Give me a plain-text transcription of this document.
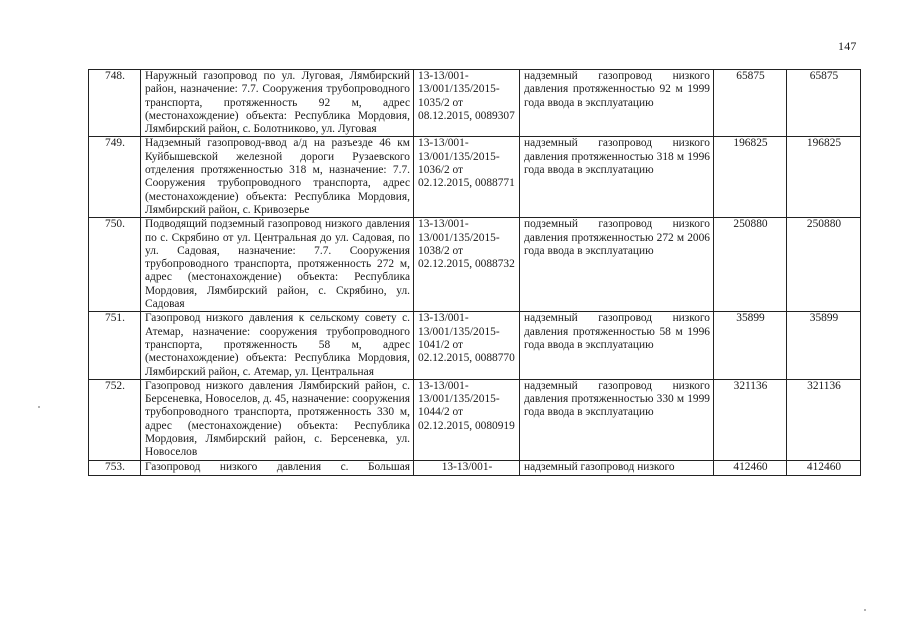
147
748.	Наружный газопровод по ул. Луговая, Лямбирский район, назначение: 7.7. Сооружения трубопроводного транспорта, протяженность 92 м, адрес (местонахождение) объекта: Республика Мордовия, Лямбирский район, с. Болотниково, ул. Луговая	13-13/001-13/001/135/2015-1035/2 от 08.12.2015, 0089307	надземный газопровод низкого давления протяженностью 92 м 1999 года ввода в эксплуатацию	65875	65875
749.	Надземный газопровод-ввод а/д на разъезде 46 км Куйбышевской железной дороги Рузаевского отделения протяженностью 318 м, назначение: 7.7. Сооружения трубопроводного транспорта, адрес (местонахождение) объекта: Республика Мордовия, Лямбирский район, с. Кривозерье	13-13/001-13/001/135/2015-1036/2 от 02.12.2015, 0088771	надземный газопровод низкого давления протяженностью 318 м 1996 года ввода в эксплуатацию	196825	196825
750.	Подводящий подземный газопровод низкого давления по с. Скрябино от ул. Центральная до ул. Садовая, по ул. Садовая, назначение: 7.7. Сооружения трубопроводного транспорта, протяженность 272 м, адрес (местонахождение) объекта: Республика Мордовия, Лямбирский район, с. Скрябино, ул. Садовая	13-13/001-13/001/135/2015-1038/2 от 02.12.2015, 0088732	подземный газопровод низкого давления протяженностью 272 м 2006 года ввода в эксплуатацию	250880	250880
751.	Газопровод низкого давления к сельскому совету с. Атемар, назначение: сооружения трубопроводного транспорта, протяженность 58 м, адрес (местонахождение) объекта: Республика Мордовия, Лямбирский район, с. Атемар, ул. Центральная	13-13/001-13/001/135/2015-1041/2 от 02.12.2015, 0088770	надземный газопровод низкого давления протяженностью 58 м 1996 года ввода в эксплуатацию	35899	35899
752.	Газопровод низкого давления Лямбирский район, с. Берсеневка, Новоселов, д. 45, назначение: сооружения трубопроводного транспорта, протяженность 330 м, адрес (местонахождение) объекта: Республика Мордовия, Лямбирский район, с. Берсеневка, ул. Новоселов	13-13/001-13/001/135/2015-1044/2 от 02.12.2015, 0080919	надземный газопровод низкого давления протяженностью 330 м 1999 года ввода в эксплуатацию	321136	321136
753.	Газопровод низкого давления с. Большая	13-13/001-	надземный газопровод низкого	412460	412460
